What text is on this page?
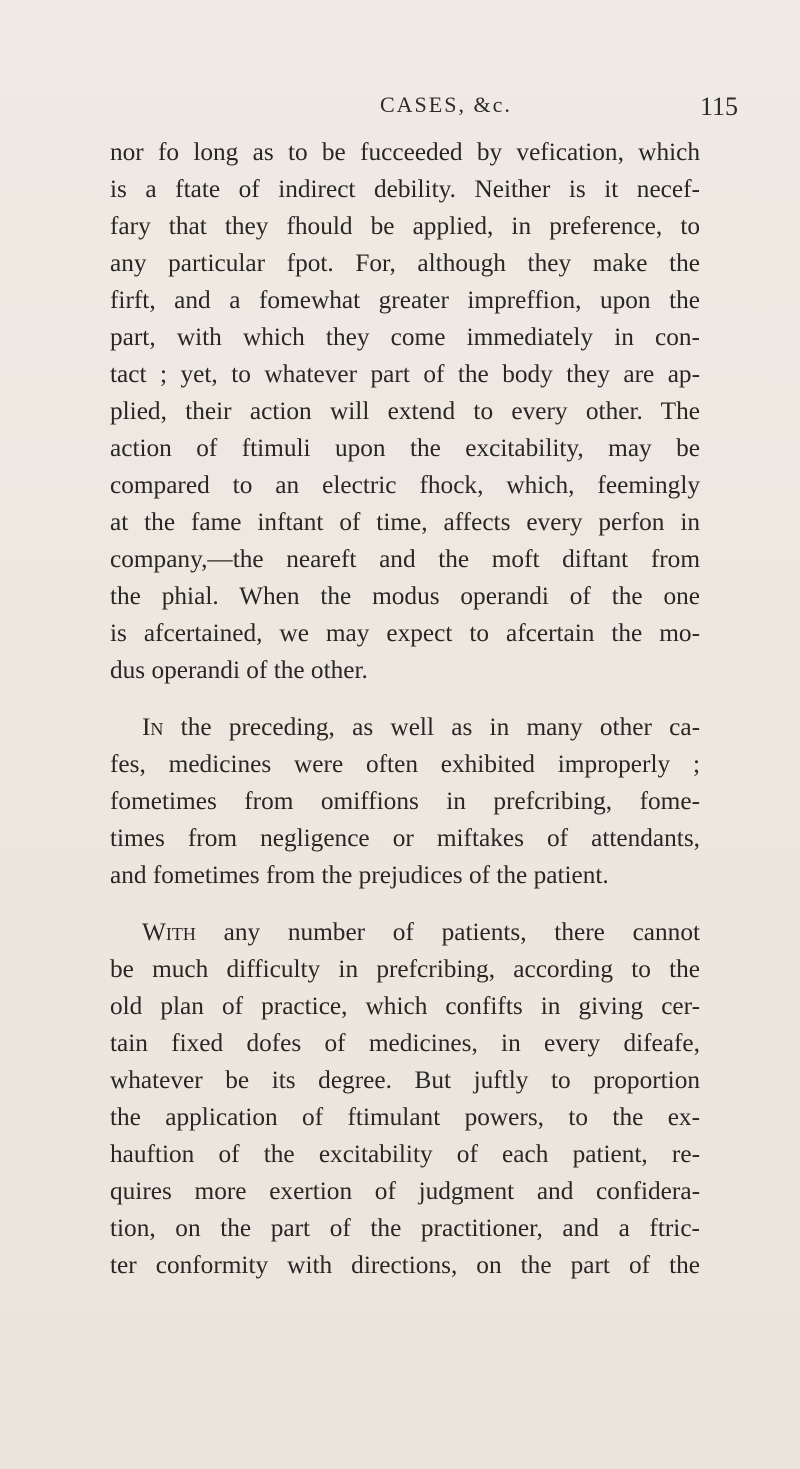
CASES, &c.	115
nor fo long as to be fucceeded by vefication, which
is a ftate of indirect debility. Neither is it necef-
fary that they fhould be applied, in preference, to
any particular fpot. For, although they make the
firft, and a fomewhat greater impreffion, upon the
part, with which they come immediately in con-
tact ; yet, to whatever part of the body they are ap-
plied, their action will extend to every other. The
action of ftimuli upon the excitability, may be
compared to an electric fhock, which, feemingly
at the fame inftant of time, affects every perfon in
company,—the neareft and the moft diftant from
the phial. When the modus operandi of the one
is afcertained, we may expect to afcertain the mo-
dus operandi of the other.
In the preceding, as well as in many other ca-
fes, medicines were often exhibited improperly ;
fometimes from omiffions in prefcribing, fome-
times from negligence or miftakes of attendants,
and fometimes from the prejudices of the patient.
With any number of patients, there cannot
be much difficulty in prefcribing, according to the
old plan of practice, which confifts in giving cer-
tain fixed dofes of medicines, in every difeafe,
whatever be its degree. But juftly to proportion
the application of ftimulant powers, to the ex-
hauftion of the excitability of each patient, re-
quires more exertion of judgment and confidera-
tion, on the part of the practitioner, and a ftric-
ter conformity with directions, on the part of the
